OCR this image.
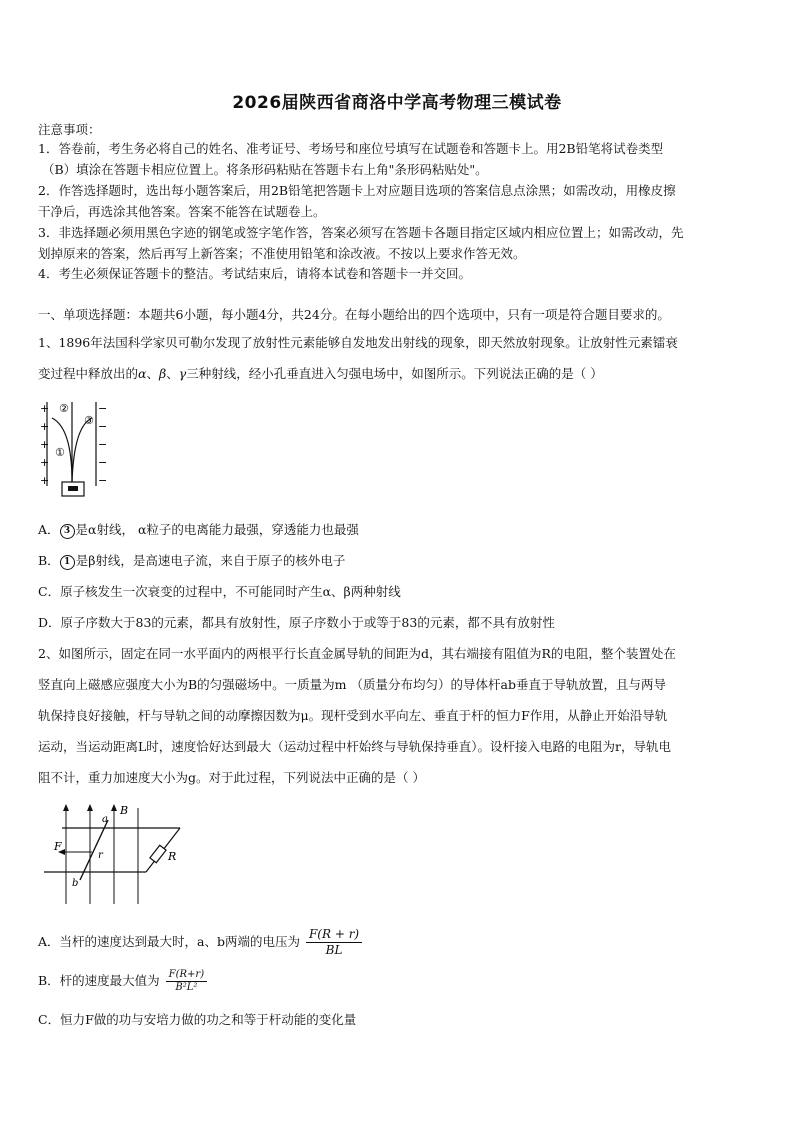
2026届陕西省商洛中学高考物理三模试卷
注意事项：
1．答卷前，考生务必将自己的姓名、准考证号、考场号和座位号填写在试题卷和答题卡上。用2B铅笔将试卷类型
（B）填涂在答题卡相应位置上。将条形码粘贴在答题卡右上角"条形码粘贴处"。
2．作答选择题时，选出每小题答案后，用2B铅笔把答题卡上对应题目选项的答案信息点涂黑；如需改动，用橡皮擦
干净后，再选涂其他答案。答案不能答在试题卷上。
3．非选择题必须用黑色字迹的钢笔或签字笔作答，答案必须写在答题卡各题目指定区域内相应位置上；如需改动，先
划掉原来的答案，然后再写上新答案；不准使用铅笔和涂改液。不按以上要求作答无效。
4．考生必须保证答题卡的整洁。考试结束后，请将本试卷和答题卡一并交回。
一、单项选择题：本题共6小题，每小题4分，共24分。在每小题给出的四个选项中，只有一项是符合题目要求的。
1、1896年法国科学家贝可勒尔发现了放射性元素能够自发地发出射线的现象，即天然放射现象。让放射性元素镭衰
变过程中释放出的α、β、γ三种射线，经小孔垂直进入匀强电场中，如图所示。下列说法正确的是（ ）
+
+
+
+
+
−
−
−
−
−
②
③
①
A． 3 是α射线， α粒子的电离能力最强，穿透能力也最强
B． 1 是β射线，是高速电子流，来自于原子的核外电子
C．原子核发生一次衰变的过程中，不可能同时产生α、β两种射线
D．原子序数大于83的元素，都具有放射性，原子序数小于或等于83的元素，都不具有放射性
2、如图所示，固定在同一水平面内的两根平行长直金属导轨的间距为d，其右端接有阻值为R的电阻，整个装置处在
竖直向上磁感应强度大小为B的匀强磁场中。一质量为m （质量分布均匀）的导体杆ab垂直于导轨放置，且与两导
轨保持良好接触，杆与导轨之间的动摩擦因数为μ。现杆受到水平向左、垂直于杆的恒力F作用，从静止开始沿导轨
运动，当运动距离L时，速度恰好达到最大（运动过程中杆始终与导轨保持垂直）。设杆接入电路的电阻为r，导轨电
阻不计，重力加速度大小为g。对于此过程，下列说法中正确的是（ ）
B
R
a
b
r
F
A．当杆的速度达到最大时，a、b两端的电压为 $\frac{F(R + r)}{BL}$
B．杆的速度最大值为 $\frac{F(R+r)}{\text{B²L²}}$
C．恒力F做的功与安培力做的功之和等于杆动能的变化量
